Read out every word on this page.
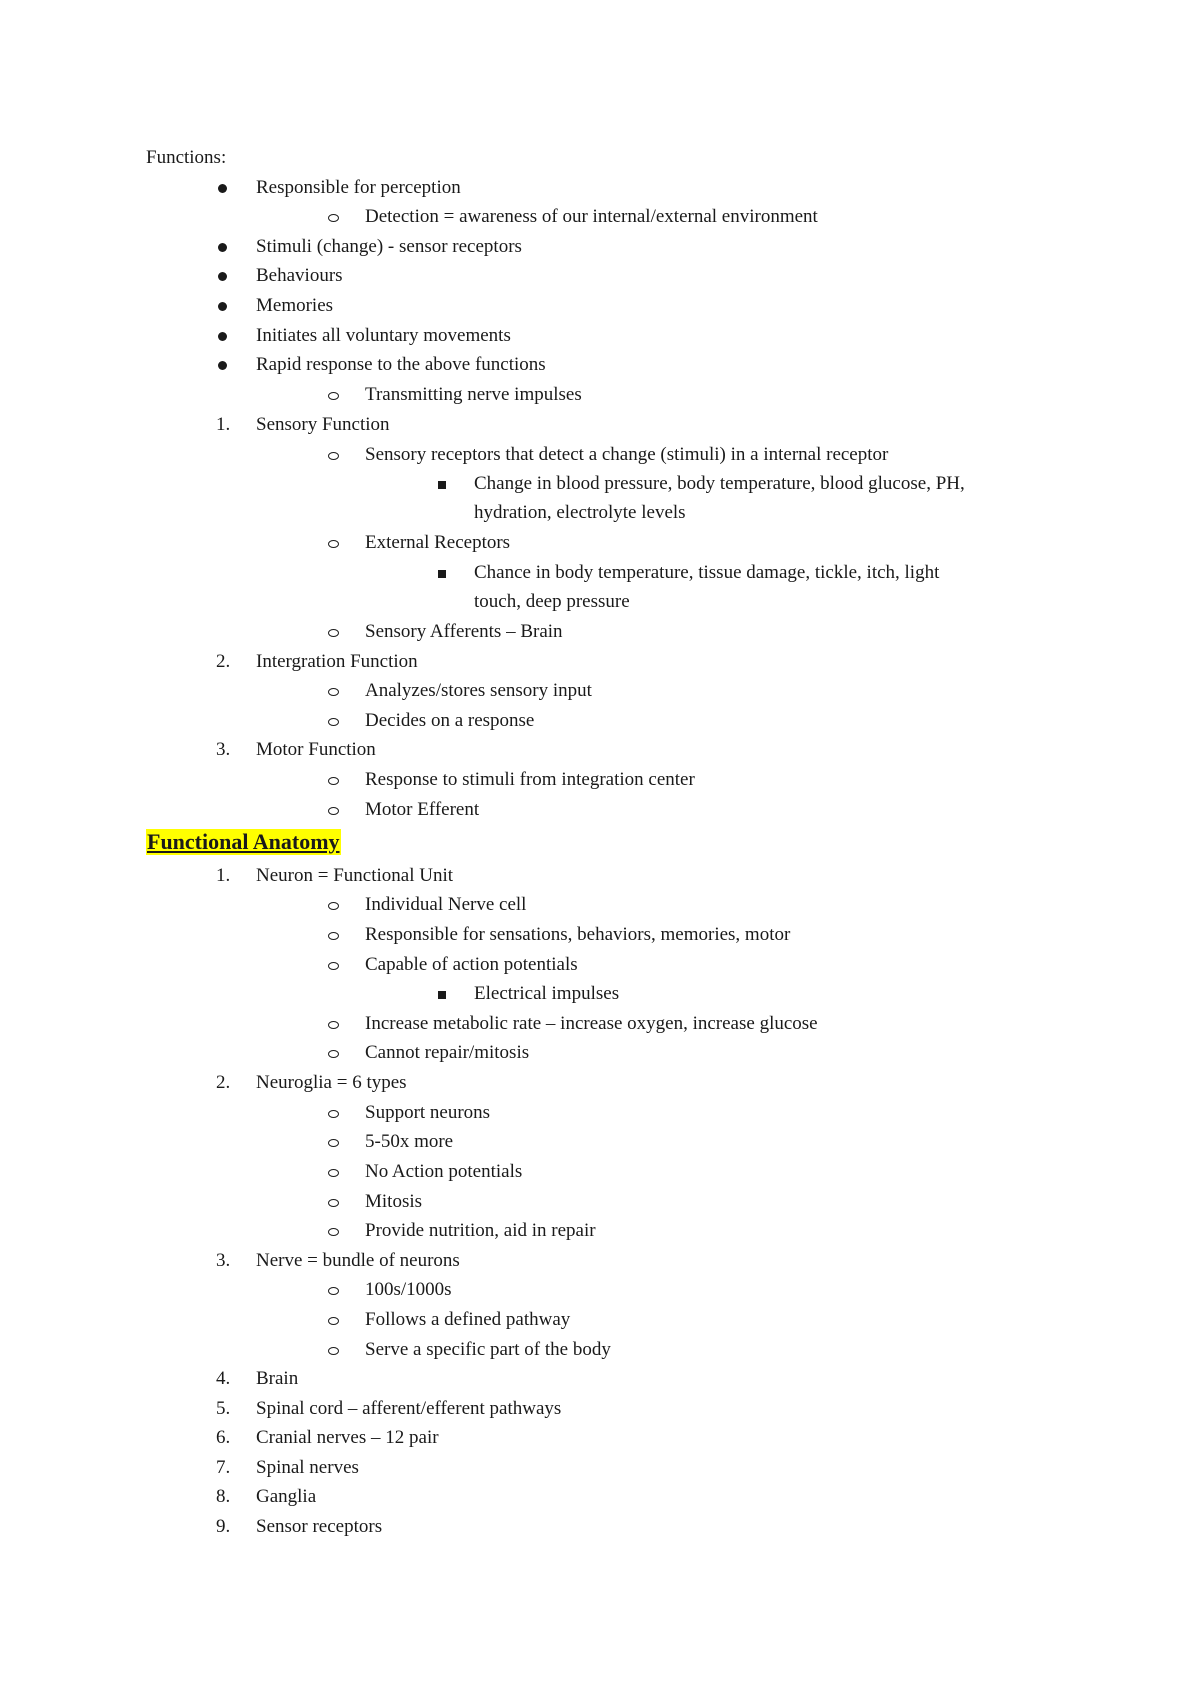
Functions:
Responsible for perception
Detection = awareness of our internal/external environment
Stimuli (change) - sensor receptors
Behaviours
Memories
Initiates all voluntary movements
Rapid response to the above functions
Transmitting nerve impulses
1.	Sensory Function
Sensory receptors that detect a change (stimuli) in a internal receptor
Change in blood pressure, body temperature, blood glucose, PH,
hydration, electrolyte levels
External Receptors
Chance in body temperature, tissue damage, tickle, itch, light
touch, deep pressure
Sensory Afferents – Brain
2.	Intergration Function
Analyzes/stores sensory input
Decides on a response
3.	Motor Function
Response to stimuli from integration center
Motor Efferent
Functional Anatomy
1.	Neuron = Functional Unit
Individual Nerve cell
Responsible for sensations, behaviors, memories, motor
Capable of action potentials
Electrical impulses
Increase metabolic rate – increase oxygen, increase glucose
Cannot repair/mitosis
2.	Neuroglia = 6 types
Support neurons
5-50x more
No Action potentials
Mitosis
Provide nutrition, aid in repair
3.	Nerve = bundle of neurons
100s/1000s
Follows a defined pathway
Serve a specific part of the body
4.	Brain
5.	Spinal cord – afferent/efferent pathways
6.	Cranial nerves – 12 pair
7.	Spinal nerves
8.	Ganglia
9.	Sensor receptors
